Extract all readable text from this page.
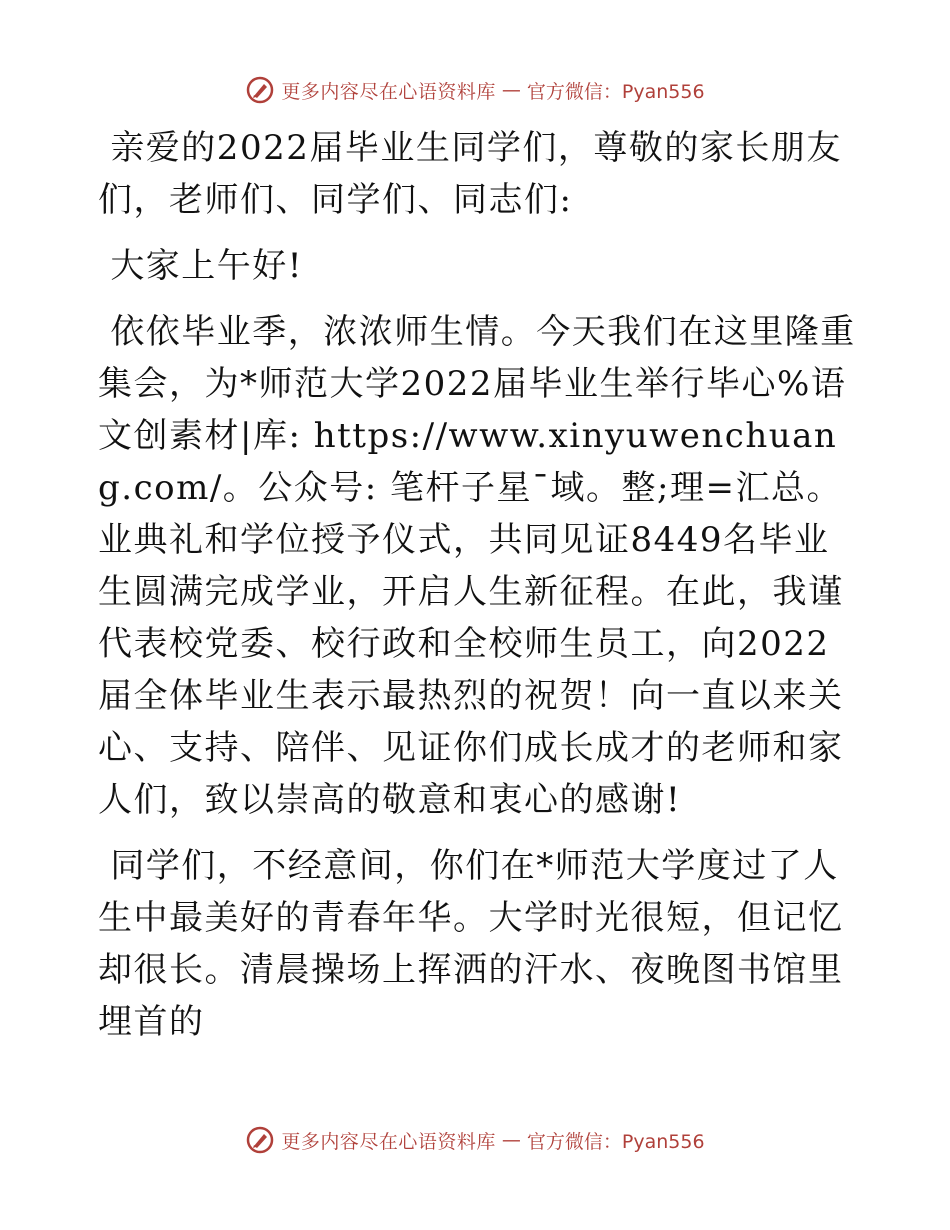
更多内容尽在心语资料库 — 官方微信：Pyan556

亲爱的2022届毕业生同学们，尊敬的家长朋友们，老师们、同学们、同志们:

大家上午好!

依依毕业季，浓浓师生情。今天我们在这里隆重集会，为*师范大学2022届毕业生举行毕心%语文创素材|库: https://www.xinyuwenchuang.com/。公众号: 笔杆子星¯域。整;理=汇总。业典礼和学位授予仪式，共同见证8449名毕业生圆满完成学业，开启人生新征程。在此，我谨代表校党委、校行政和全校师生员工，向2022届全体毕业生表示最热烈的祝贺！向一直以来关心、支持、陪伴、见证你们成长成才的老师和家人们，致以崇高的敬意和衷心的感谢!

同学们，不经意间，你们在*师范大学度过了人生中最美好的青春年华。大学时光很短，但记忆却很长。清晨操场上挥洒的汗水、夜晚图书馆里埋首的

更多内容尽在心语资料库 — 官方微信：Pyan556
